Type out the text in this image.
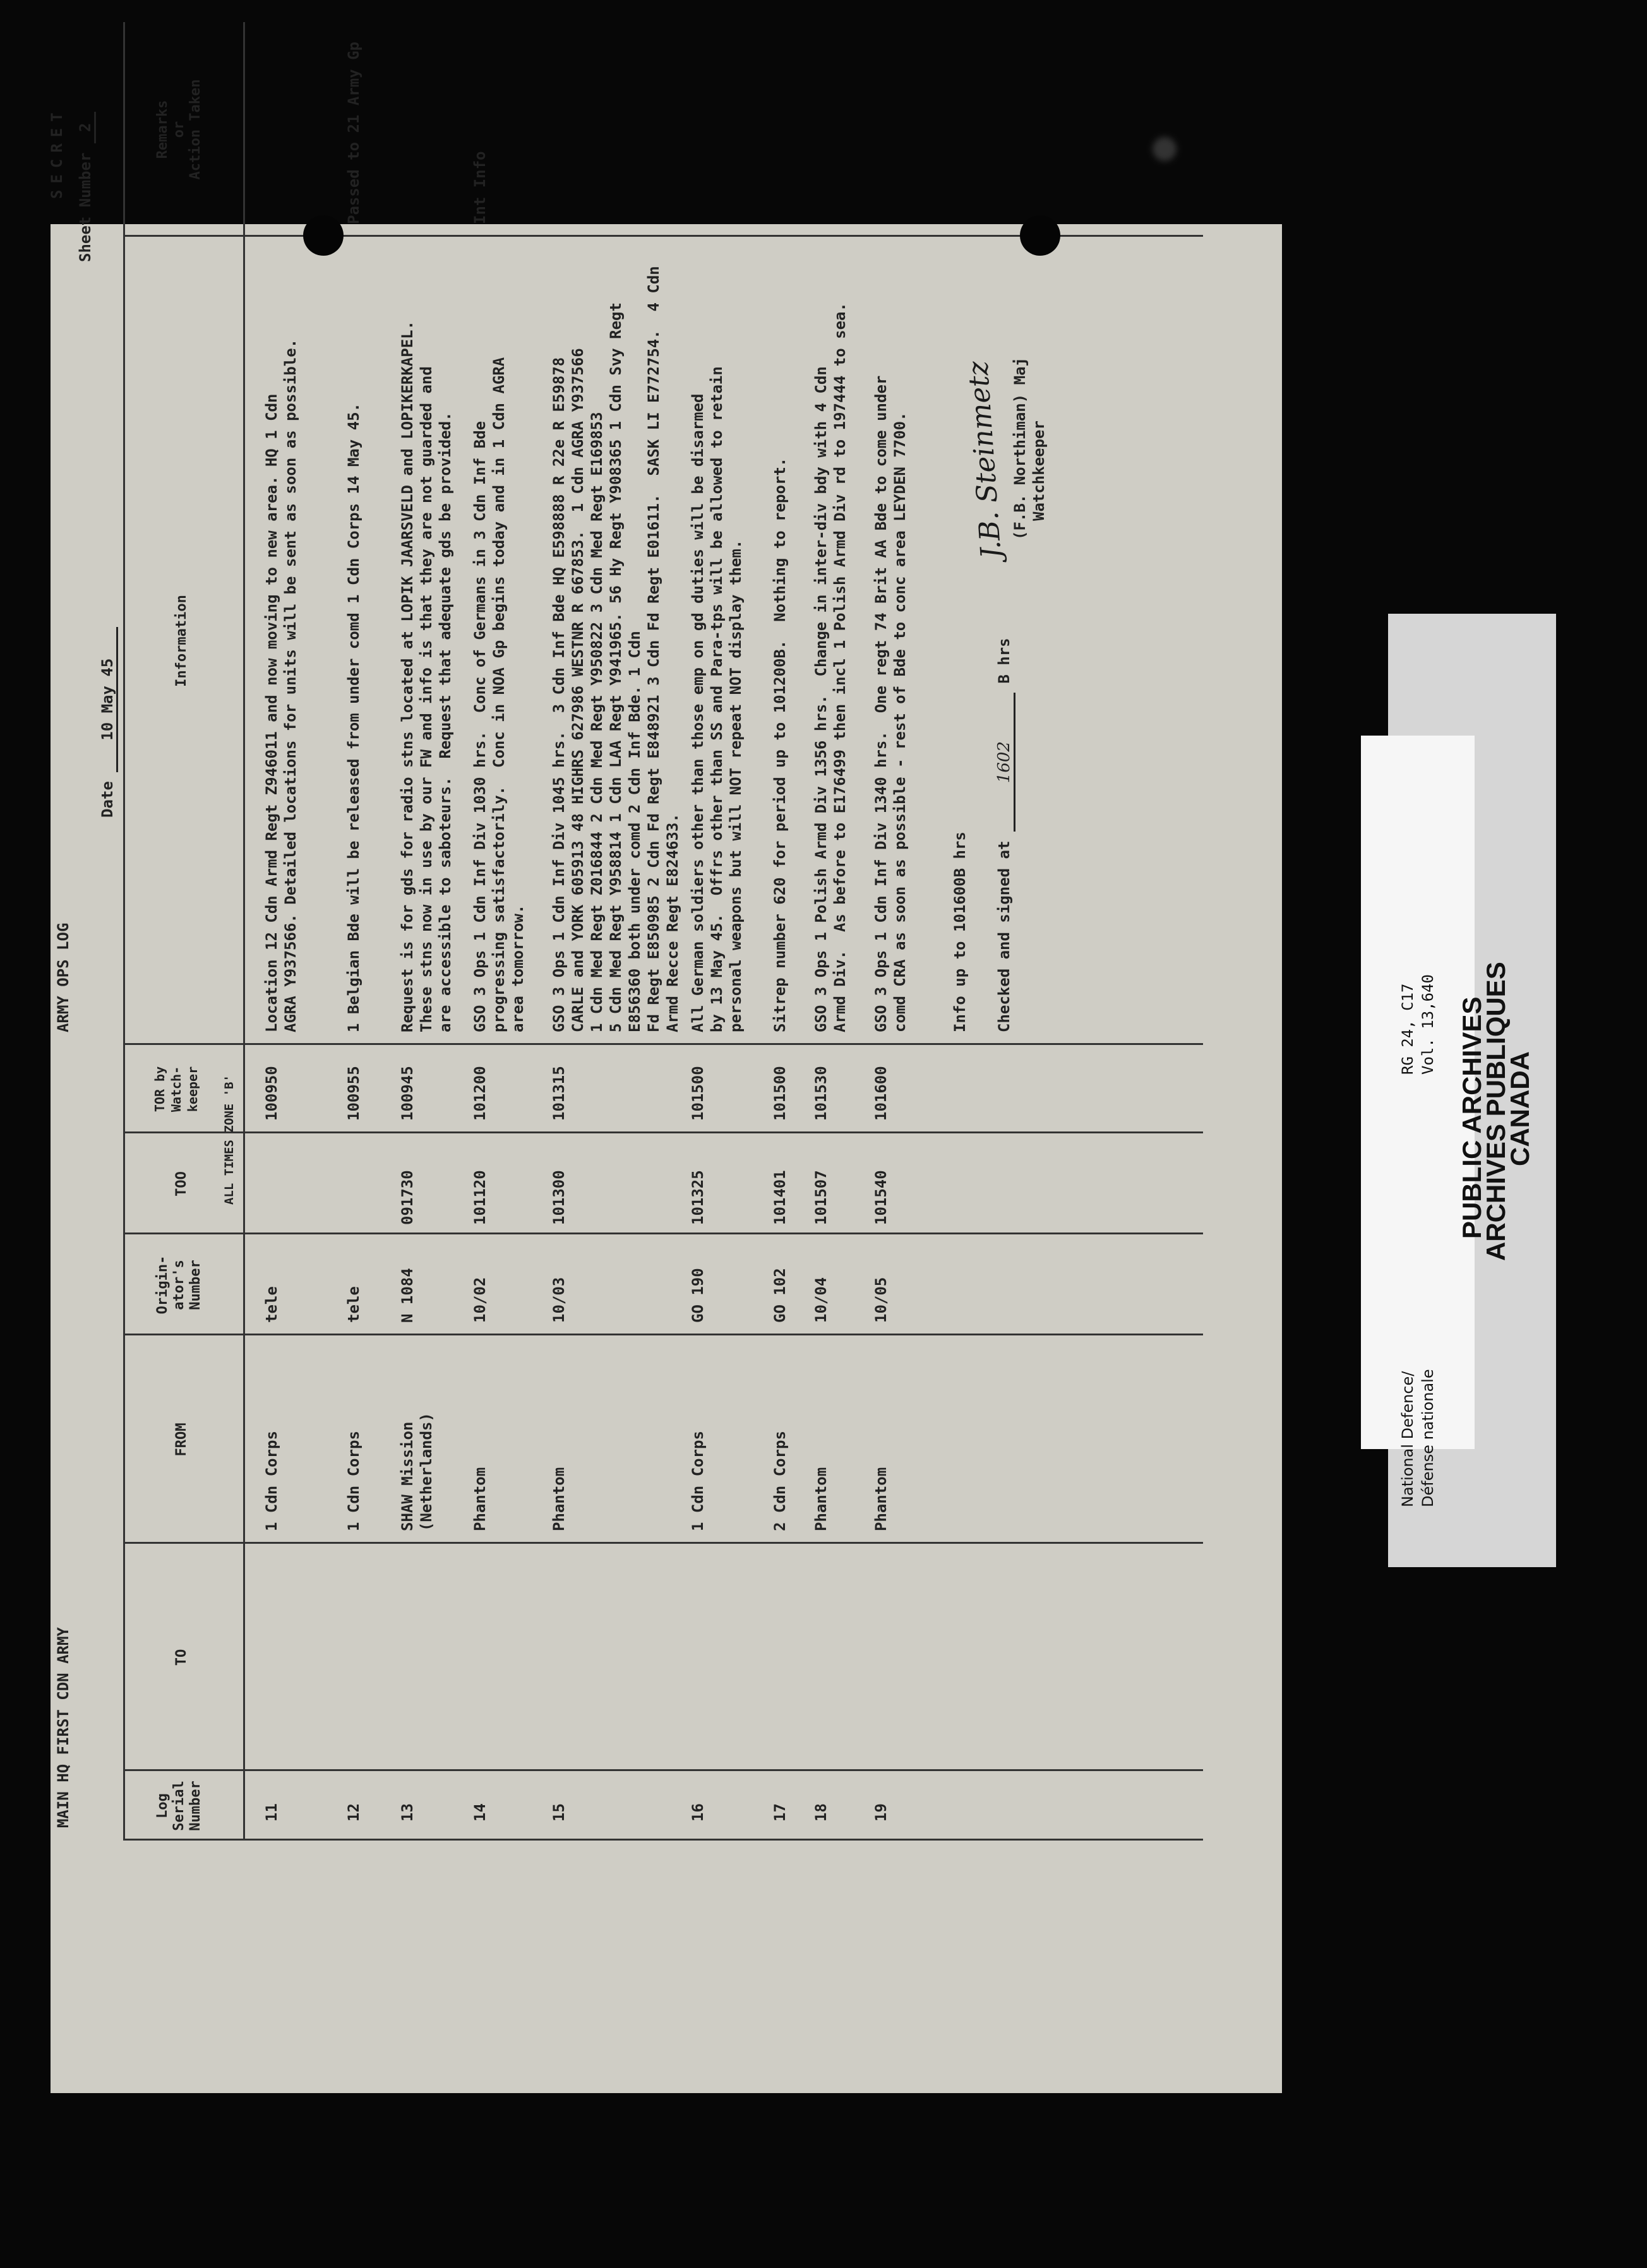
MAIN HQ FIRST CDN ARMY
ARMY OPS LOG
SECRET Sheet Number 2
Date 10 May 45
Log
Serial
Number
TO
FROM
Origin-
ator's
Number
TOO
TOR by
Watch-
keeper ALL TIMES ZONE 'B'
Information
Remarks
or
Action Taken
11
1 Cdn Corps
tele
100950
Location 12 Cdn Armd Regt Z946011 and now moving to new area. HQ 1 Cdn
AGRA Y937566. Detailed locations for units will be sent as soon as possible.
12
1 Cdn Corps
tele
100955
Passed to 21 Army Gp
1 Belgian Bde will be released from under comd 1 Cdn Corps 14 May 45.
13
SHAW Mission
(Netherlands)
N 1084
091730
100945
Request is for gds for radio stns located at LOPIK JAARSVELD and LOPIKERKAPEL.
These stns now in use by our FW and info is that they are not guarded and
are accessible to saboteurs.  Request that adequate gds be provided.
14
Phantom
10/02
101120
101200
Int Info
GSO 3 Ops 1 Cdn Inf Div 1030 hrs.  Conc of Germans in 3 Cdn Inf Bde
progressing satisfactorily.  Conc in NOA Gp begins today and in 1 Cdn AGRA
area tomorrow.
15
Phantom
10/03
101300
101315
GSO 3 Ops 1 Cdn Inf Div 1045 hrs.  3 Cdn Inf Bde HQ E598888 R 22e R E59878
CARLE and YORK 605913 48 HIGHRS 627986 WESTNR R 667853.  1 Cdn AGRA Y937566
1 Cdn Med Regt Z016844 2 Cdn Med Regt Y950822 3 Cdn Med Regt E169853
5 Cdn Med Regt Y958814 1 Cdn LAA Regt Y941965. 56 Hy Regt Y908365 1 Cdn Svy Regt E856360 both under comd 2 Cdn Inf Bde. 1 Cdn
Fd Regt E850985 2 Cdn Fd Regt E848921 3 Cdn Fd Regt E01611.  SASK LI E772754.  4 Cdn Armd Recce Regt E824633.
16
1 Cdn Corps
GO 190
101325
101500
All German soldiers other than those emp on gd duties will be disarmed
by 13 May 45.  Offrs other than SS and Para-tps will be allowed to retain
personal weapons but will NOT repeat NOT display them.
17
2 Cdn Corps
GO 102
101401
101500
Sitrep number 620 for period up to 101200B.  Nothing to report.
18
Phantom
10/04
101507
101530
GSO 3 Ops 1 Polish Armd Div 1356 hrs.  Change in inter-div bdy with 4 Cdn
Armd Div.  As before to E176499 then incl 1 Polish Armd Div rd to 197444 to sea.
19
Phantom
10/05
101540
101600
GSO 3 Ops 1 Cdn Inf Div 1340 hrs.  One regt 74 Brit AA Bde to come under
comd CRA as soon as possible - rest of Bde to conc area LEYDEN 7700.
Info up to 101600B hrs Checked and signed at 1602 B hrs
J.B. Steinmetz (F.B. Northiman) Maj Watchkeeper
National Defence/ Défense nationale
RG 24, C17 Vol. 13,640 PUBLIC ARCHIVES
ARCHIVES PUBLIQUES
CANADA
